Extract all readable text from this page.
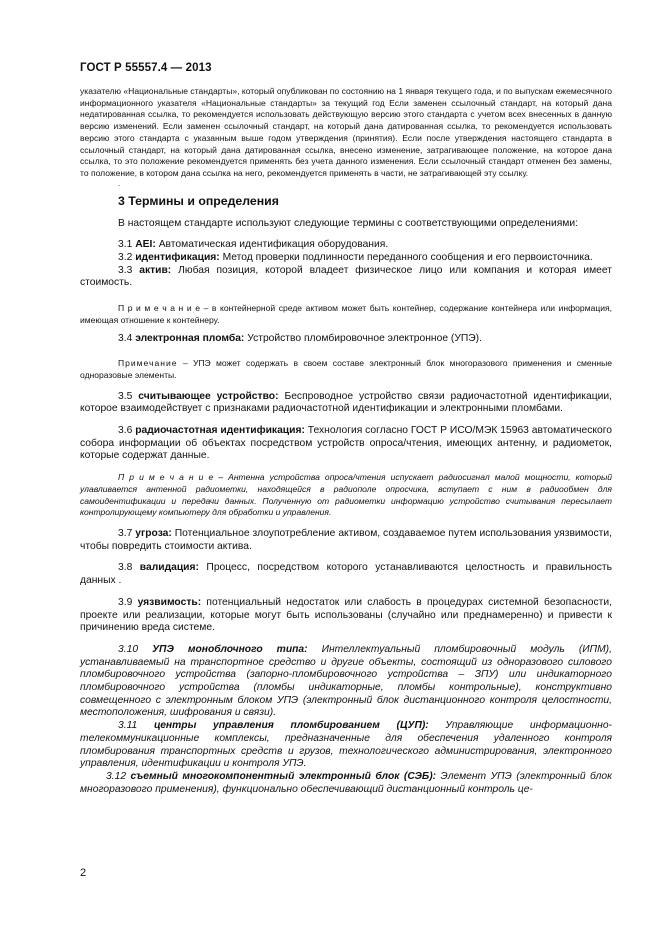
ГОСТ Р 55557.4 — 2013

указателю «Национальные стандарты», который опубликован по состоянию на 1 января текущего года, и по выпускам ежемесячного информационного указателя «Национальные стандарты» за текущий год Если заменен ссылочный стандарт, на который дана недатированная ссылка, то рекомендуется использовать действующую версию этого стандарта с учетом всех внесенных в данную версию изменений. Если заменен ссылочный стандарт, на который дана датированная ссылка, то рекомендуется использовать версию этого стандарта с указанным выше годом утверждения (принятия). Если после утверждения настоящего стандарта в ссылочный стандарт, на который дана датированная ссылка, внесено изменение, затрагивающее положение, на которое дана ссылка, то это положение рекомендуется применять без учета данного изменения. Если ссылочный стандарт отменен без замены, то положение, в котором дана ссылка на него, рекомендуется применять в части, не затрагивающей эту ссылку.

.
3 Термины и определения

В настоящем стандарте используют следующие термины с соответствующими определениями:

3.1 AEI: Автоматическая идентификация оборудования.

3.2 идентификация: Метод проверки подлинности переданного сообщения и его первоисточника.

3.3 актив: Любая позиция, которой владеет физическое лицо или компания и которая имеет стоимость.

П р и м е ч а н и е – в контейнерной среде активом может быть контейнер, содержание контейнера или информация, имеющая отношение к контейнеру.

3.4 электронная пломба: Устройство пломбировочное электронное (УПЭ).

Примечание – УПЭ может содержать в своем составе электронный блок многоразового применения и сменные одноразовые элементы.

3.5 считывающее устройство: Беспроводное устройство связи радиочастотной идентификации, которое взаимодействует с признаками радиочастотной идентификации и электронными пломбами.

3.6 радиочастотная идентификация: Технология согласно ГОСТ Р ИСО/МЭК 15963 автоматического собора информации об объектах посредством устройств опроса/чтения, имеющих антенну, и радиометок, которые содержат данные.

П р и м е ч а н и е – Антенна устройства опроса/чтения испускает радиосигнал малой мощности, который улавливается антенной радиометки, находящейся в радиополе опросчика, вступает с ним в радиообмен для самоидентификации и передачи данных. Полученную от радиометки информацию устройство считывания пересылает контролирующему компьютеру для обработки и управления.

3.7 угроза: Потенциальное злоупотребление активом, создаваемое путем использования уязвимости, чтобы повредить стоимости актива.

3.8 валидация: Процесс, посредством которого устанавливаются целостность и правильность данных .

3.9 уязвимость: потенциальный недостаток или слабость в процедурах системной безопасности, проекте или реализации, которые могут быть использованы (случайно или преднамеренно) и привести к причинению вреда системе.

3.10 УПЭ моноблочного типа: Интеллектуальный пломбировочный модуль (ИПМ), устанавливаемый на транспортное средство и другие объекты, состоящий из одноразового силового пломбировочного устройства (запорно-пломбировочного устройства – ЗПУ) или индикаторного пломбировочного устройства (пломбы индикаторные, пломбы контрольные), конструктивно совмещенного с электронным блоком УПЭ (электронный блок дистанционного контроля целостности, местоположения, шифрования и связи).

3.11 центры управления пломбированием (ЦУП): Управляющие информационно-телекоммуникационные комплексы, предназначенные для обеспечения удаленного контроля пломбирования транспортных средств и грузов, технологического администрирования, электронного управления, идентификации и контроля УПЭ.

3.12 съемный многокомпонентный электронный блок (СЭБ): Элемент УПЭ (электронный блок многоразового применения), функционально обеспечивающий дистанционный контроль це-

2
